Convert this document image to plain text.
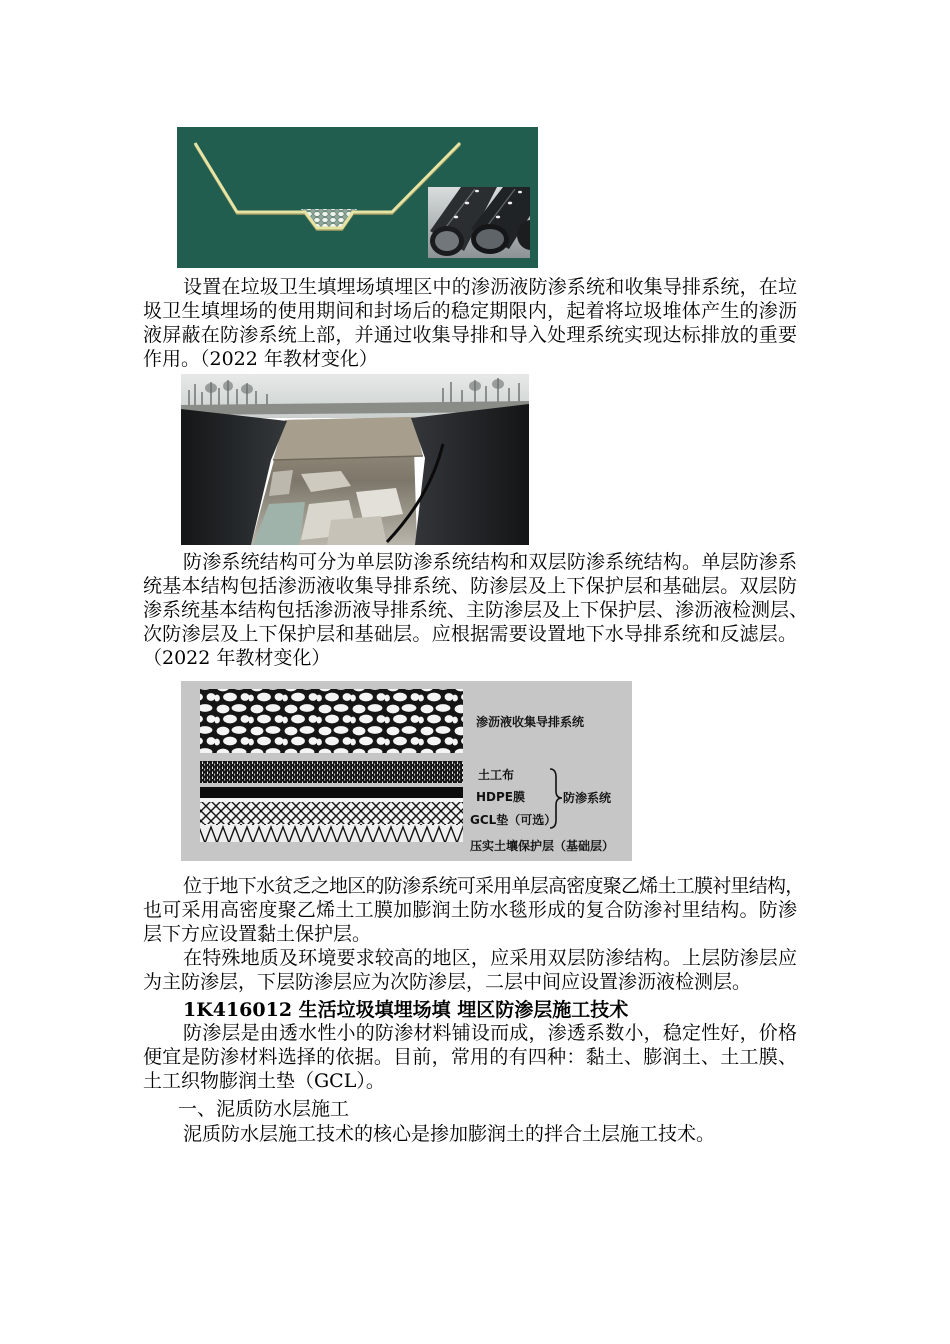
设置在垃圾卫生填埋场填埋区中的渗沥液防渗系统和收集导排系统，在垃
圾卫生填埋场的使用期间和封场后的稳定期限内，起着将垃圾堆体产生的渗沥
液屏蔽在防渗系统上部，并通过收集导排和导入处理系统实现达标排放的重要
作用。（2022 年教材变化）
防渗系统结构可分为单层防渗系统结构和双层防渗系统结构。单层防渗系
统基本结构包括渗沥液收集导排系统、防渗层及上下保护层和基础层。双层防
渗系统基本结构包括渗沥液导排系统、主防渗层及上下保护层、渗沥液检测层、
次防渗层及上下保护层和基础层。应根据需要设置地下水导排系统和反滤层。
（2022 年教材变化）
渗沥液收集导排系统
土工布
HDPE膜
GCL垫（可选）
防渗系统
压实土壤保护层（基础层）
位于地下水贫乏之地区的防渗系统可采用单层高密度聚乙烯土工膜衬里结构，
也可采用高密度聚乙烯土工膜加膨润土防水毯形成的复合防渗衬里结构。防渗
层下方应设置黏土保护层。
在特殊地质及环境要求较高的地区，应采用双层防渗结构。上层防渗层应
为主防渗层，下层防渗层应为次防渗层，二层中间应设置渗沥液检测层。
1K416012 生活垃圾填埋场填 埋区防渗层施工技术
防渗层是由透水性小的防渗材料铺设而成，渗透系数小，稳定性好，价格
便宜是防渗材料选择的依据。目前，常用的有四种：黏土、膨润土、土工膜、
土工织物膨润土垫（GCL）。
一、泥质防水层施工
泥质防水层施工技术的核心是掺加膨润土的拌合土层施工技术。
